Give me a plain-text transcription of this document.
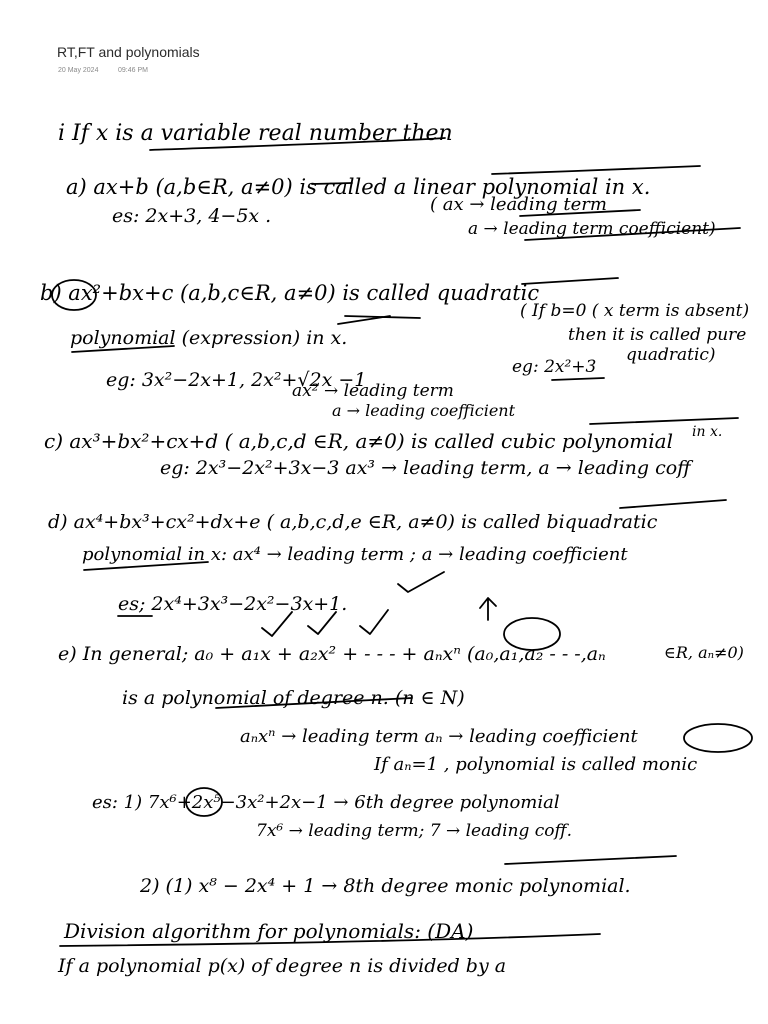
RT,FT and polynomials
20 May 2024	09:46 PM
i If x is a variable real number then
a) ax+b (a,b∈R, a≠0) is called a linear polynomial in x.
es: 2x+3, 4−5x .
( ax → leading term
a → leading term coefficient)
b) ax²+bx+c (a,b,c∈R, a≠0) is called quadratic
polynomial (expression) in x.
( If b=0 ( x term is absent)
then it is called pure
quadratic)
eg: 3x²−2x+1, 2x²+√2x −1
eg: 2x²+3
ax² → leading term
a → leading coefficient
c) ax³+bx²+cx+d ( a,b,c,d ∈R, a≠0) is called cubic polynomial in x.
eg: 2x³−2x²+3x−3 ax³ → leading term, a → leading coff
d) ax⁴+bx³+cx²+dx+e ( a,b,c,d,e ∈R, a≠0) is called biquadratic
polynomial in x: ax⁴ → leading term ; a → leading coefficient
es; 2x⁴+3x³−2x²−3x+1.
e) In general; a₀ + a₁x + a₂x² + - - - + aₙxⁿ (a₀,a₁,a₂ - - -,aₙ	∈R, aₙ≠0)
is a polynomial of degree n. (n ∈ N)
aₙxⁿ → leading term aₙ → leading coefficient
If aₙ=1 , polynomial is called monic
es: 1) 7x⁶+2x⁵−3x²+2x−1 → 6th degree polynomial
7x⁶ → leading term; 7 → leading coff.
2) (1) x⁸ − 2x⁴ + 1 → 8th degree monic polynomial.
Division algorithm for polynomials: (DA)
If a polynomial p(x) of degree n is divided by a
